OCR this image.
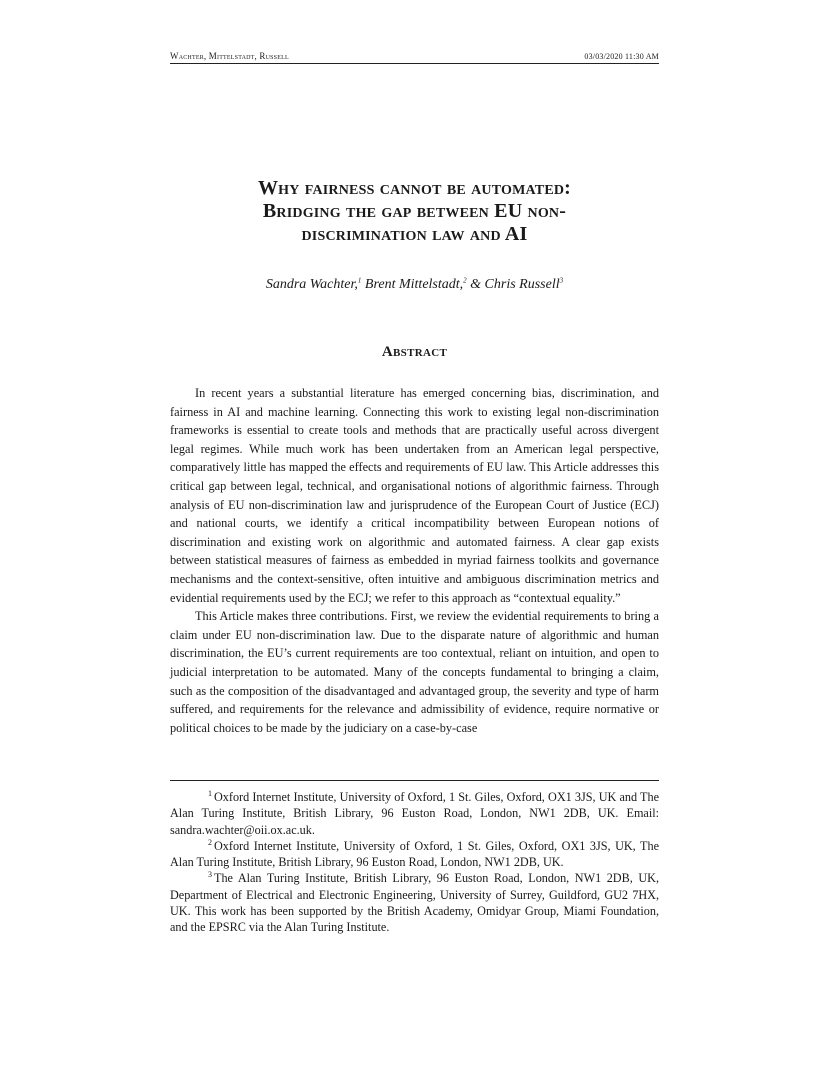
Wachter, Mittelstadt, Russell	03/03/2020 11:30 AM
Why fairness cannot be automated:
Bridging the gap between EU non-
discrimination law and AI
Sandra Wachter,$^1$ Brent Mittelstadt,$^2$ & Chris Russell$^3$
Abstract

In recent years a substantial literature has emerged concerning bias, discrimination, and fairness in AI and machine learning. Connecting this work to existing legal non-discrimination frameworks is essential to create tools and methods that are practically useful across divergent legal regimes. While much work has been undertaken from an American legal perspective, comparatively little has mapped the effects and requirements of EU law. This Article addresses this critical gap between legal, technical, and organisational notions of algorithmic fairness. Through analysis of EU non-discrimination law and jurisprudence of the European Court of Justice (ECJ) and national courts, we identify a critical incompatibility between European notions of discrimination and existing work on algorithmic and automated fairness. A clear gap exists between statistical measures of fairness as embedded in myriad fairness toolkits and governance mechanisms and the context-sensitive, often intuitive and ambiguous discrimination metrics and evidential requirements used by the ECJ; we refer to this approach as “contextual equality.”

This Article makes three contributions. First, we review the evidential requirements to bring a claim under EU non-discrimination law. Due to the disparate nature of algorithmic and human discrimination, the EU’s current requirements are too contextual, reliant on intuition, and open to judicial interpretation to be automated. Many of the concepts fundamental to bringing a claim, such as the composition of the disadvantaged and advantaged group, the severity and type of harm suffered, and requirements for the relevance and admissibility of evidence, require normative or political choices to be made by the judiciary on a case-by-case

$^1$ Oxford Internet Institute, University of Oxford, 1 St. Giles, Oxford, OX1 3JS, UK and The Alan Turing Institute, British Library, 96 Euston Road, London, NW1 2DB, UK. Email: sandra.wachter@oii.ox.ac.uk.

$^2$ Oxford Internet Institute, University of Oxford, 1 St. Giles, Oxford, OX1 3JS, UK, The Alan Turing Institute, British Library, 96 Euston Road, London, NW1 2DB, UK.

$^3$ The Alan Turing Institute, British Library, 96 Euston Road, London, NW1 2DB, UK, Department of Electrical and Electronic Engineering, University of Surrey, Guildford, GU2 7HX, UK. This work has been supported by the British Academy, Omidyar Group, Miami Foundation, and the EPSRC via the Alan Turing Institute.
